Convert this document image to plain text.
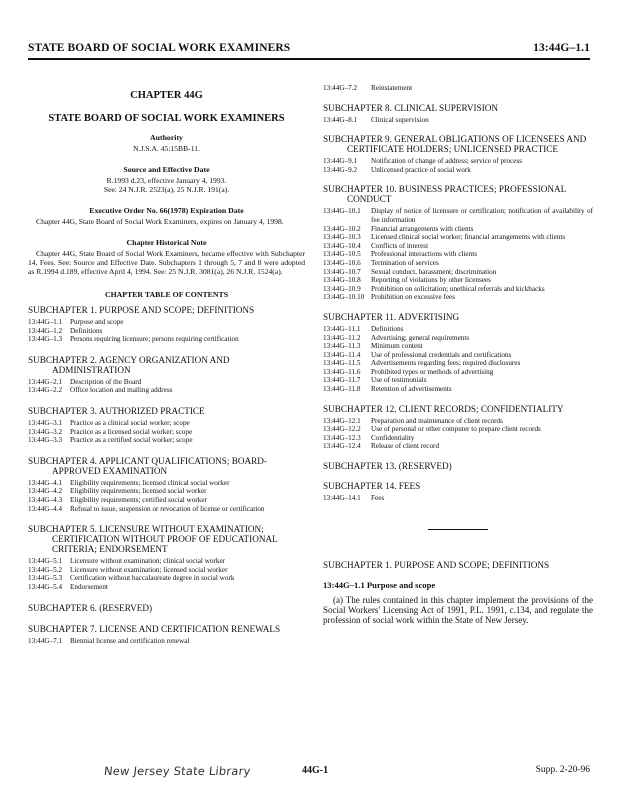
STATE BOARD OF SOCIAL WORK EXAMINERS	13:44G–1.1
CHAPTER 44G
STATE BOARD OF SOCIAL WORK EXAMINERS
Authority
N.J.S.A. 45:15BB-11.
Source and Effective Date
R.1993 d.23, effective January 4, 1993.
See: 24 N.J.R. 2523(a), 25 N.J.R. 191(a).
Executive Order No. 66(1978) Expiration Date
Chapter 44G, State Board of Social Work Examiners, expires on January 4, 1998.
Chapter Historical Note
Chapter 44G, State Board of Social Work Examiners, became effective with Subchapter 14, Fees. See: Source and Effective Date. Subchapters 1 through 5, 7 and 8 were adopted as R.1994 d.189, effective April 4, 1994. See: 25 N.J.R. 3081(a), 26 N.J.R. 1524(a).
CHAPTER TABLE OF CONTENTS
SUBCHAPTER 1. PURPOSE AND SCOPE; DEFINITIONS
13:44G–1.1	Purpose and scope
13:44G–1.2	Definitions
13:44G–1.3	Persons requiring licensure; persons requiring certification
SUBCHAPTER 2. AGENCY ORGANIZATION AND ADMINISTRATION
13:44G–2.1	Description of the Board
13:44G–2.2	Office location and mailing address
SUBCHAPTER 3. AUTHORIZED PRACTICE
13:44G–3.1	Practice as a clinical social worker; scope
13:44G–3.2	Practice as a licensed social worker; scope
13:44G–3.3	Practice as a certified social worker; scope
SUBCHAPTER 4. APPLICANT QUALIFICATIONS; BOARD-APPROVED EXAMINATION
13:44G–4.1	Eligibility requirements; licensed clinical social worker
13:44G–4.2	Eligibility requirements; licensed social worker
13:44G–4.3	Eligibility requirements; certified social worker
13:44G–4.4	Refusal to issue, suspension or revocation of license or certification
SUBCHAPTER 5. LICENSURE WITHOUT EXAMINATION; CERTIFICATION WITHOUT PROOF OF EDUCATIONAL CRITERIA; ENDORSEMENT
13:44G–5.1	Licensure without examination; clinical social worker
13:44G–5.2	Licensure without examination; licensed social worker
13:44G–5.3	Certification without baccalaureate degree in social work
13:44G–5.4	Endorsement
SUBCHAPTER 6. (RESERVED)
SUBCHAPTER 7. LICENSE AND CERTIFICATION RENEWALS
13:44G–7.1	Biennial license and certification renewal
13:44G–7.2	Reinstatement
SUBCHAPTER 8. CLINICAL SUPERVISION
13:44G–8.1	Clinical supervision
SUBCHAPTER 9. GENERAL OBLIGATIONS OF LICENSEES AND CERTIFICATE HOLDERS; UNLICENSED PRACTICE
13:44G–9.1	Notification of change of address; service of process
13:44G–9.2	Unlicensed practice of social work
SUBCHAPTER 10. BUSINESS PRACTICES; PROFESSIONAL CONDUCT
13:44G–10.1	Display of notice of licensure or certification; notification of availability of fee information
13:44G–10.2	Financial arrangements with clients
13:44G–10.3	Licensed clinical social worker; financial arrangements with clients
13:44G–10.4	Conflicts of interest
13:44G–10.5	Professional interactions with clients
13:44G–10.6	Termination of services
13:44G–10.7	Sexual conduct, harassment; discrimination
13:44G–10.8	Reporting of violations by other licensees
13:44G–10.9	Prohibition on solicitation; unethical referrals and kickbacks
13:44G–10.10 Prohibition on excessive fees
SUBCHAPTER 11. ADVERTISING
13:44G–11.1	Definitions
13:44G–11.2	Advertising; general requirements
13:44G–11.3	Minimum content
13:44G–11.4	Use of professional credentials and certifications
13:44G–11.5	Advertisements regarding fees; required disclosures
13:44G–11.6	Prohibited types or methods of advertising
13:44G–11.7	Use of testimonials
13:44G–11.8	Retention of advertisements
SUBCHAPTER 12. CLIENT RECORDS; CONFIDENTIALITY
13:44G–12.1	Preparation and maintenance of client records
13:44G–12.2	Use of personal or other computer to prepare client records
13:44G–12.3	Confidentiality
13:44G–12.4	Release of client record
SUBCHAPTER 13. (RESERVED)
SUBCHAPTER 14. FEES
13:44G–14.1	Fees
SUBCHAPTER 1. PURPOSE AND SCOPE; DEFINITIONS
13:44G–1.1 Purpose and scope
(a) The rules contained in this chapter implement the provisions of the Social Workers' Licensing Act of 1991, P.L. 1991, c.134, and regulate the profession of social work within the State of New Jersey.
New Jersey State Library	44G-1	Supp. 2-20-96
